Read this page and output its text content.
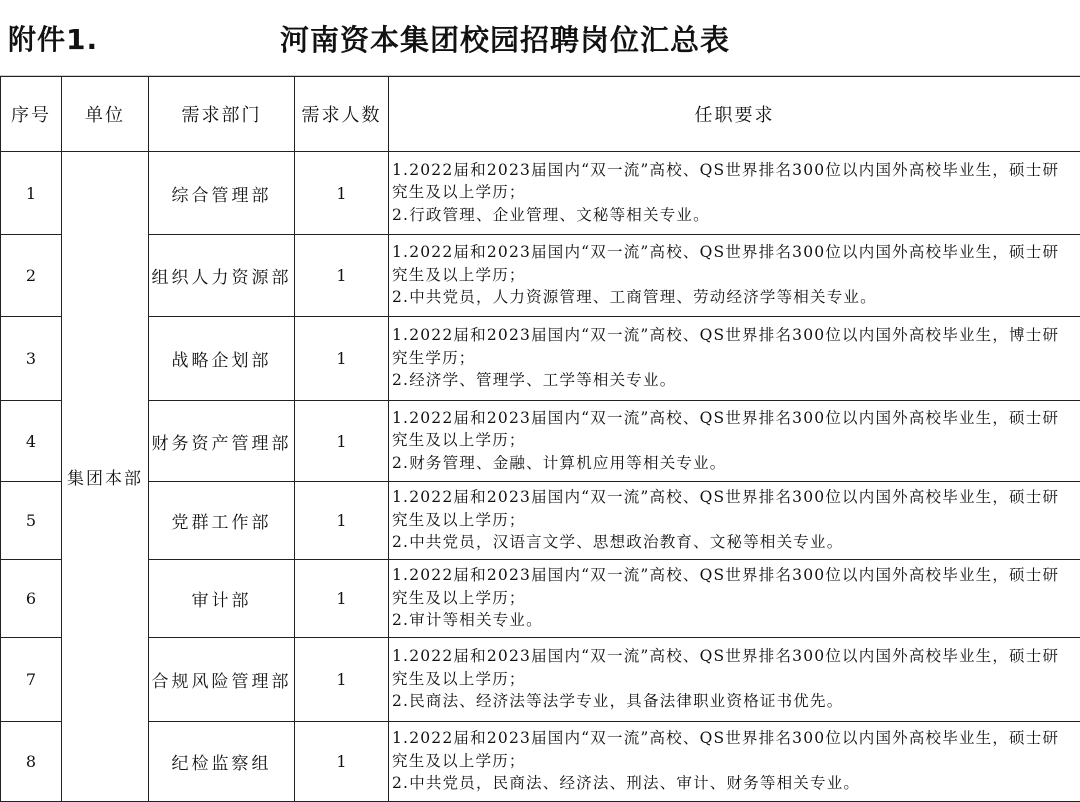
附件1.	河南资本集团校园招聘岗位汇总表
序号	单位	需求部门	需求人数	任职要求
1	集团本部	综合管理部	1	1.2022届和2023届国内“双一流”高校、QS世界排名300位以内国外高校毕业生，硕士研究生及以上学历；
2.行政管理、企业管理、文秘等相关专业。

2		组织人力资源部	1	1.2022届和2023届国内“双一流”高校、QS世界排名300位以内国外高校毕业生，硕士研究生及以上学历；
2.中共党员，人力资源管理、工商管理、劳动经济学等相关专业。

3		战略企划部	1	1.2022届和2023届国内“双一流”高校、QS世界排名300位以内国外高校毕业生，博士研究生学历；
2.经济学、管理学、工学等相关专业。

4		财务资产管理部	1	1.2022届和2023届国内“双一流”高校、QS世界排名300位以内国外高校毕业生，硕士研究生及以上学历；
2.财务管理、金融、计算机应用等相关专业。

5		党群工作部	1	1.2022届和2023届国内“双一流”高校、QS世界排名300位以内国外高校毕业生，硕士研究生及以上学历；
2.中共党员，汉语言文学、思想政治教育、文秘等相关专业。

6		审计部	1	1.2022届和2023届国内“双一流”高校、QS世界排名300位以内国外高校毕业生，硕士研究生及以上学历；
2.审计等相关专业。

7		合规风险管理部	1	1.2022届和2023届国内“双一流”高校、QS世界排名300位以内国外高校毕业生，硕士研究生及以上学历；
2.民商法、经济法等法学专业，具备法律职业资格证书优先。

8		纪检监察组	1	1.2022届和2023届国内“双一流”高校、QS世界排名300位以内国外高校毕业生，硕士研究生及以上学历；
2.中共党员，民商法、经济法、刑法、审计、财务等相关专业。
